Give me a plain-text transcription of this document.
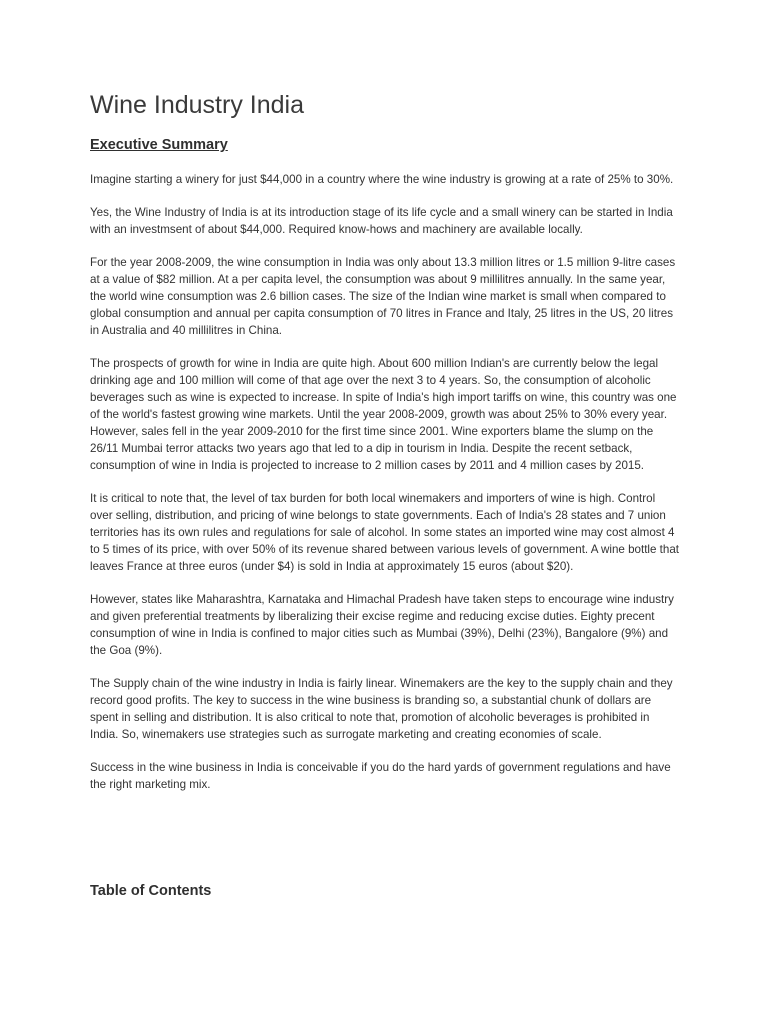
Wine Industry India
Executive Summary

Imagine starting a winery for just $44,000 in a country where the wine industry is growing at a rate of 25% to 30%.

Yes, the Wine Industry of India is at its introduction stage of its life cycle and a small winery can be started in India with an investmsent of about $44,000. Required know-hows and machinery are available locally.

For the year 2008-2009, the wine consumption in India was only about 13.3 million litres or 1.5 million 9-litre cases at a value of $82 million. At a per capita level, the consumption was about 9 millilitres annually. In the same year, the world wine consumption was 2.6 billion cases. The size of the Indian wine market is small when compared to global consumption and annual per capita consumption of 70 litres in France and Italy, 25 litres in the US, 20 litres in Australia and 40 millilitres in China.

The prospects of growth for wine in India are quite high. About 600 million Indian's are currently below the legal drinking age and 100 million will come of that age over the next 3 to 4 years. So, the consumption of alcoholic beverages such as wine is expected to increase. In spite of India's high import tariffs on wine, this country was one of the world's fastest growing wine markets. Until the year 2008-2009, growth was about 25% to 30% every year. However, sales fell in the year 2009-2010 for the first time since 2001. Wine exporters blame the slump on the 26/11 Mumbai terror attacks two years ago that led to a dip in tourism in India. Despite the recent setback, consumption of wine in India is projected to increase to 2 million cases by 2011 and 4 million cases by 2015.

It is critical to note that, the level of tax burden for both local winemakers and importers of wine is high. Control over selling, distribution, and pricing of wine belongs to state governments. Each of India's 28 states and 7 union territories has its own rules and regulations for sale of alcohol. In some states an imported wine may cost almost 4 to 5 times of its price, with over 50% of its revenue shared between various levels of government. A wine bottle that leaves France at three euros (under $4) is sold in India at approximately 15 euros (about $20).

However, states like Maharashtra, Karnataka and Himachal Pradesh have taken steps to encourage wine industry and given preferential treatments by liberalizing their excise regime and reducing excise duties. Eighty precent consumption of wine in India is confined to major cities such as Mumbai (39%), Delhi (23%), Bangalore (9%) and the Goa (9%).

The Supply chain of the wine industry in India is fairly linear. Winemakers are the key to the supply chain and they record good profits. The key to success in the wine business is branding so, a substantial chunk of dollars are spent in selling and distribution. It is also critical to note that, promotion of alcoholic beverages is prohibited in India. So, winemakers use strategies such as surrogate marketing and creating economies of scale.

Success in the wine business in India is conceivable if you do the hard yards of government regulations and have the right marketing mix.

Table of Contents
